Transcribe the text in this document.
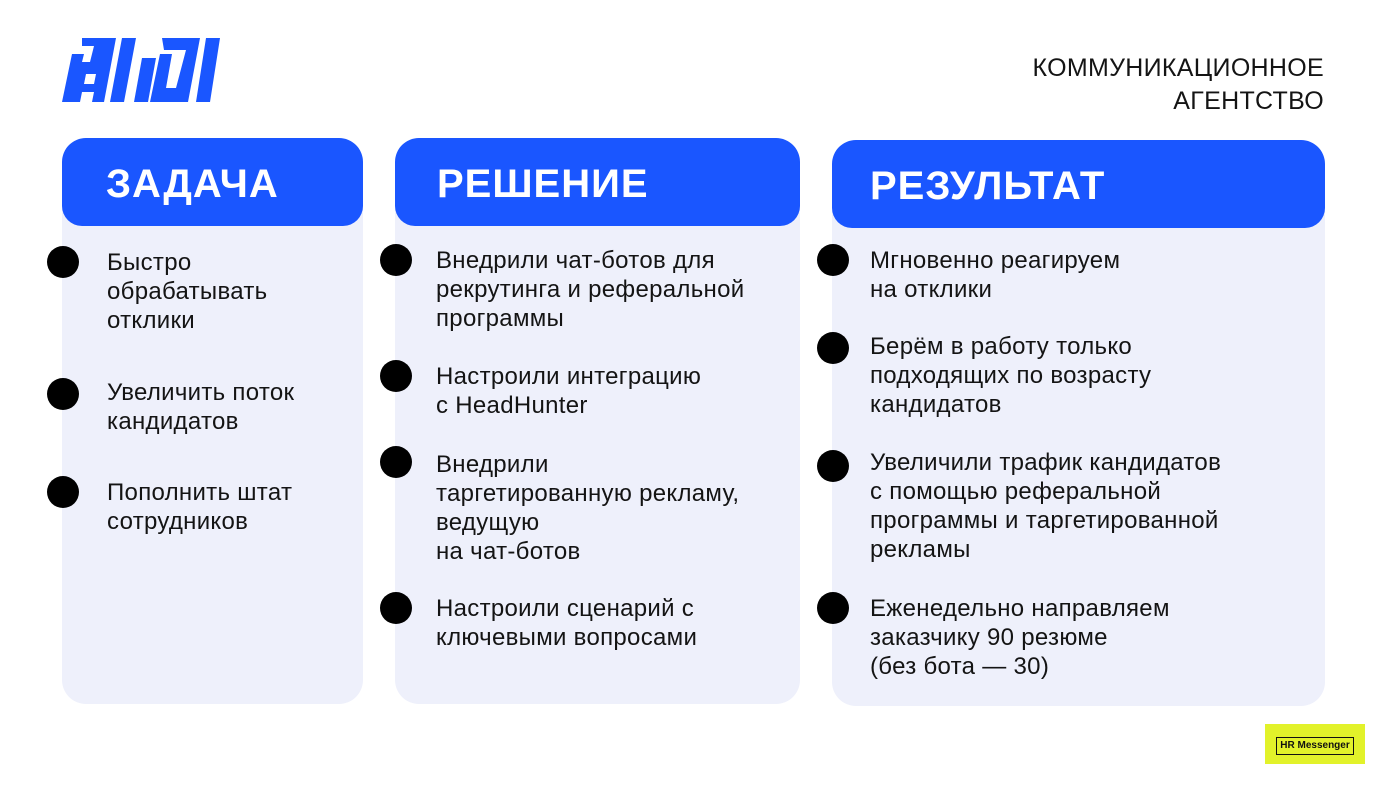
КОММУНИКАЦИОННОЕ
АГЕНТСТВО
ЗАДАЧА
Быстро
обрабатывать
отклики
Увеличить поток
кандидатов
Пополнить штат
сотрудников
РЕШЕНИЕ
Внедрили чат-ботов для
рекрутинга и реферальной
программы
Настроили интеграцию
с HeadHunter
Внедрили
таргетированную рекламу,
ведущую
на чат-ботов
Настроили сценарий с
ключевыми вопросами
РЕЗУЛЬТАТ
Мгновенно реагируем
на отклики
Берём в работу только
подходящих по возрасту
кандидатов
Увеличили трафик кандидатов
с помощью реферальной
программы и таргетированной
рекламы
Еженедельно направляем
заказчику 90 резюме
(без бота — 30)
HR Messenger
